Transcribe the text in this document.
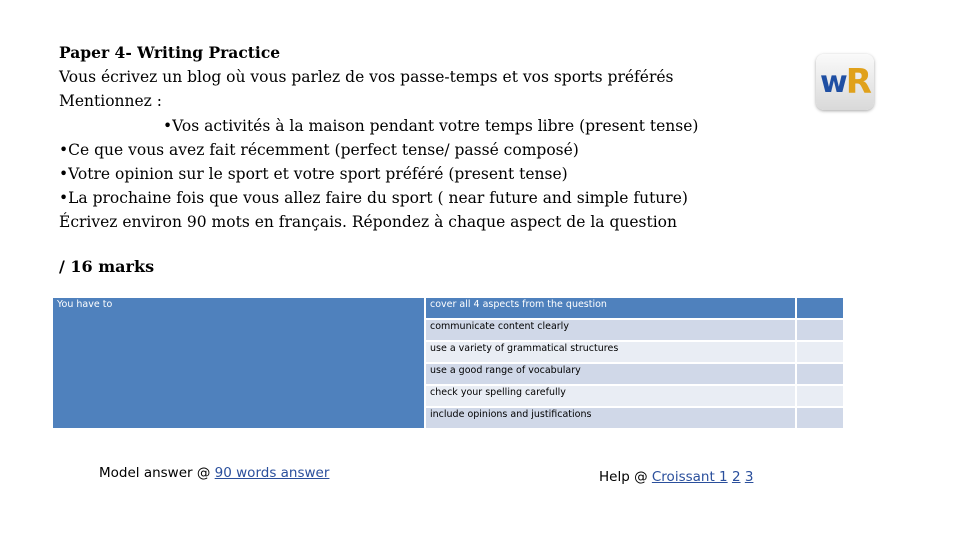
Paper 4- Writing Practice
Vous écrivez un blog où vous parlez de vos passe-temps et vos sports préférés
Mentionnez :
•Vos activités à la maison pendant votre temps libre (present tense)
•Ce que vous avez fait récemment (perfect tense/ passé composé)
•Votre opinion sur le sport et votre sport préféré (present tense)
•La prochaine fois que vous allez faire du sport ( near future and simple future)
Écrivez environ 90 mots en français. Répondez à chaque aspect de la question
/ 16 marks
w R
You have to	cover all 4 aspects from the question	
	communicate content clearly	
	use a variety of grammatical structures	
	use a good range of vocabulary	
	check your spelling carefully	
	include opinions and justifications	
Model answer @ 90 words answer	Help @ Croissant 1 2 3
